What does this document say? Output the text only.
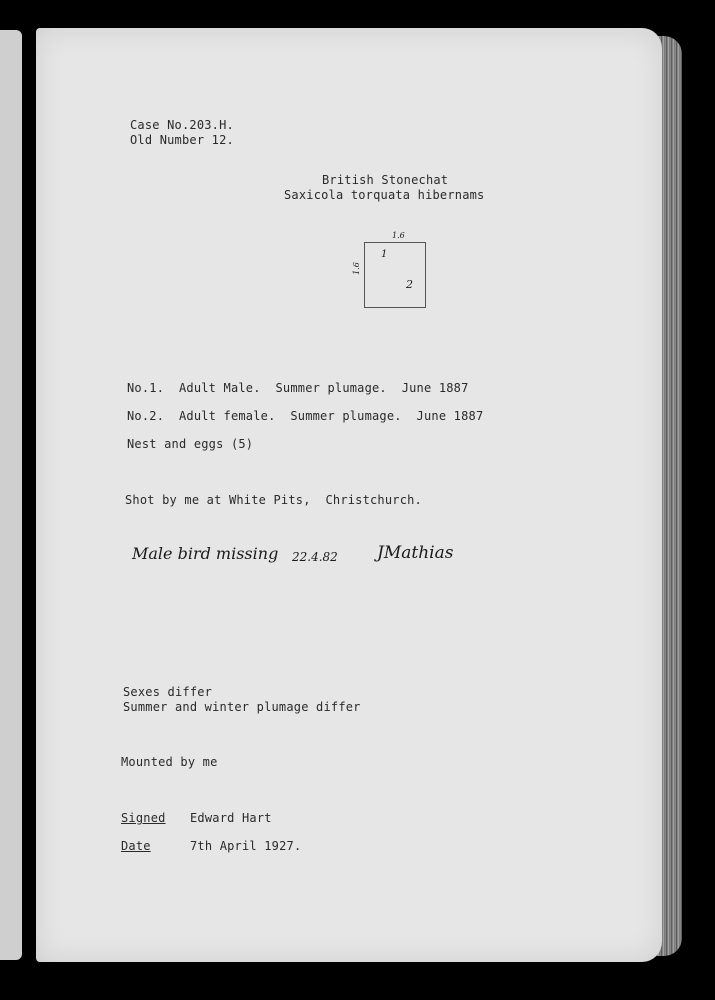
Case No.203.H.
Old Number 12.
British Stonechat
Saxicola torquata hibernams
1.6
1.6
1
2
No.1.  Adult Male.  Summer plumage.  June 1887
No.2.  Adult female.  Summer plumage.  June 1887
Nest and eggs (5)
Shot by me at White Pits,  Christchurch.
Male bird missing 22.4.82 JMathias
Sexes differ
Summer and winter plumage differ
Mounted by me
Signed Edward Hart
Date	7th April 1927.
